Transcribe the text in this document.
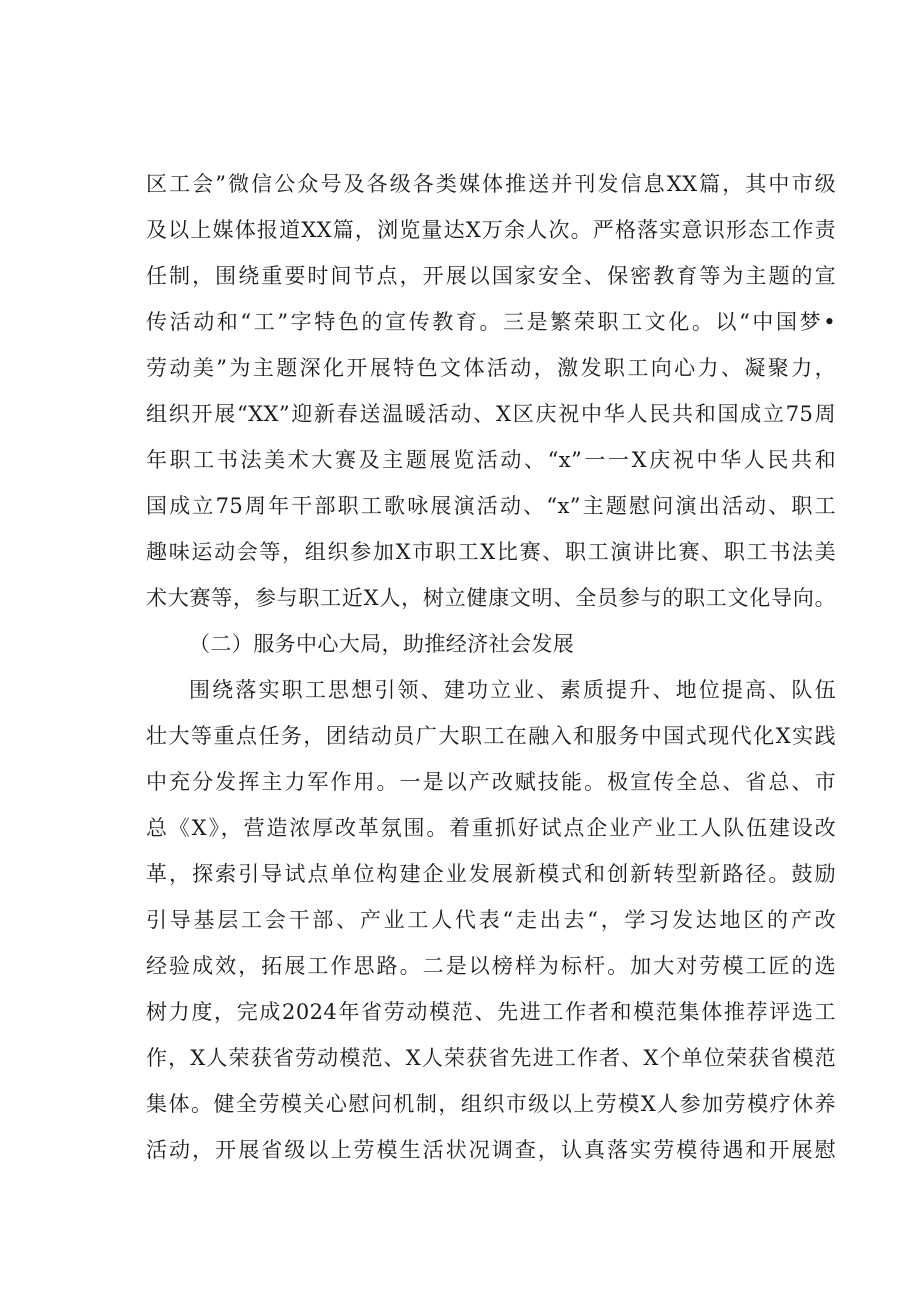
区工会”微信公众号及各级各类媒体推送并刊发信息XX篇，其中市级
及以上媒体报道XX篇，浏览量达X万余人次。严格落实意识形态工作责
任制，围绕重要时间节点，开展以国家安全、保密教育等为主题的宣
传活动和“工”字特色的宣传教育。三是繁荣职工文化。以“中国梦•
劳动美”为主题深化开展特色文体活动，激发职工向心力、凝聚力，
组织开展“XX”迎新春送温暖活动、X区庆祝中华人民共和国成立75周
年职工书法美术大赛及主题展览活动、“x”一一X庆祝中华人民共和
国成立75周年干部职工歌咏展演活动、“x”主题慰问演出活动、职工
趣味运动会等，组织参加X市职工X比赛、职工演讲比赛、职工书法美
术大赛等，参与职工近X人，树立健康文明、全员参与的职工文化导向。
（二）服务中心大局，助推经济社会发展
围绕落实职工思想引领、建功立业、素质提升、地位提高、队伍
壮大等重点任务，团结动员广大职工在融入和服务中国式现代化X实践
中充分发挥主力军作用。一是以产改赋技能。极宣传全总、省总、市
总《X》，营造浓厚改革氛围。着重抓好试点企业产业工人队伍建设改
革，探索引导试点单位构建企业发展新模式和创新转型新路径。鼓励
引导基层工会干部、产业工人代表“走出去“，学习发达地区的产改
经验成效，拓展工作思路。二是以榜样为标杆。加大对劳模工匠的选
树力度，完成2024年省劳动模范、先进工作者和模范集体推荐评选工
作，X人荣获省劳动模范、X人荣获省先进工作者、X个单位荣获省模范
集体。健全劳模关心慰问机制，组织市级以上劳模X人参加劳模疗休养
活动，开展省级以上劳模生活状况调查，认真落实劳模待遇和开展慰
